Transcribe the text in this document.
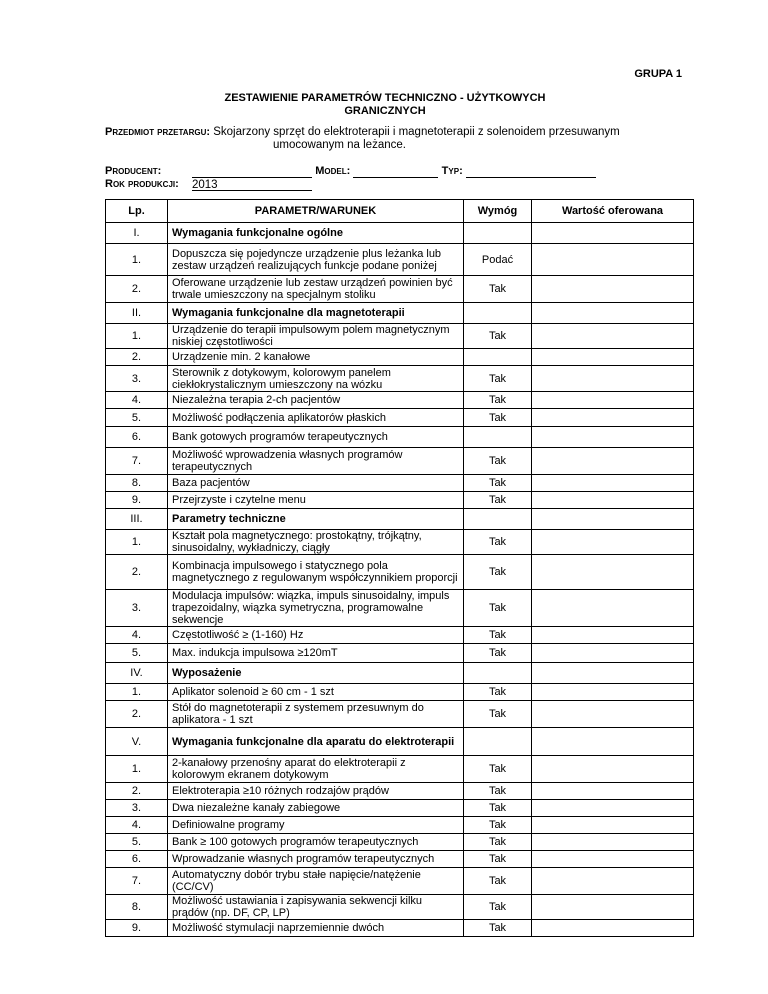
GRUPA 1
ZESTAWIENIE PARAMETRÓW TECHNICZNO - UŻYTKOWYCH
GRANICZNYCH
Przedmiot przetargu: Skojarzony sprzęt do elektroterapii i magnetoterapii z solenoidem przesuwanym
umocowanym na leżance.
Producent:	Model:	Typ:
Rok produkcji: 2013
Lp.	PARAMETR/WARUNEK	Wymóg	Wartość oferowana
I.	Wymagania funkcjonalne ogólne		
1.	Dopuszcza się pojedyncze urządzenie plus leżanka lub zestaw urządzeń realizujących funkcje podane poniżej	Podać	
2.	Oferowane urządzenie lub zestaw urządzeń powinien być trwale umieszczony na specjalnym stoliku	Tak	
II.	Wymagania funkcjonalne dla magnetoterapii		
1.	Urządzenie do terapii impulsowym polem magnetycznym niskiej częstotliwości	Tak	
2.	Urządzenie min. 2 kanałowe		
3.	Sterownik z dotykowym, kolorowym panelem ciekłokrystalicznym umieszczony na wózku	Tak	
4.	Niezależna terapia 2-ch pacjentów	Tak	
5.	Możliwość podłączenia aplikatorów płaskich	Tak	
6.	Bank gotowych programów terapeutycznych		
7.	Możliwość wprowadzenia własnych programów terapeutycznych	Tak	
8.	Baza pacjentów	Tak	
9.	Przejrzyste i czytelne menu	Tak	
III.	Parametry techniczne		
1.	Kształt pola magnetycznego: prostokątny, trójkątny, sinusoidalny, wykładniczy, ciągły	Tak	
2.	Kombinacja impulsowego i statycznego pola magnetycznego z regulowanym współczynnikiem proporcji	Tak	
3.	Modulacja impulsów: wiązka, impuls sinusoidalny, impuls trapezoidalny, wiązka symetryczna, programowalne sekwencje	Tak	
4.	Częstotliwość ≥ (1-160) Hz	Tak	
5.	Max. indukcja impulsowa ≥120mT	Tak	
IV.	Wyposażenie		
1.	Aplikator solenoid ≥ 60 cm - 1 szt	Tak	
2.	Stół do magnetoterapii z systemem przesuwnym do aplikatora - 1 szt	Tak	
V.	Wymagania funkcjonalne dla aparatu do elektroterapii		
1.	2-kanałowy przenośny aparat do elektroterapii z kolorowym ekranem dotykowym	Tak	
2.	Elektroterapia ≥10 różnych rodzajów prądów	Tak	
3.	Dwa niezależne kanały zabiegowe	Tak	
4.	Definiowalne programy	Tak	
5.	Bank ≥ 100 gotowych programów terapeutycznych	Tak	
6.	Wprowadzanie własnych programów terapeutycznych	Tak	
7.	Automatyczny dobór trybu stałe napięcie/natężenie (CC/CV)	Tak	
8.	Możliwość ustawiania i zapisywania sekwencji kilku prądów (np. DF, CP, LP)	Tak	
9.	Możliwość stymulacji naprzemiennie dwóch	Tak	
